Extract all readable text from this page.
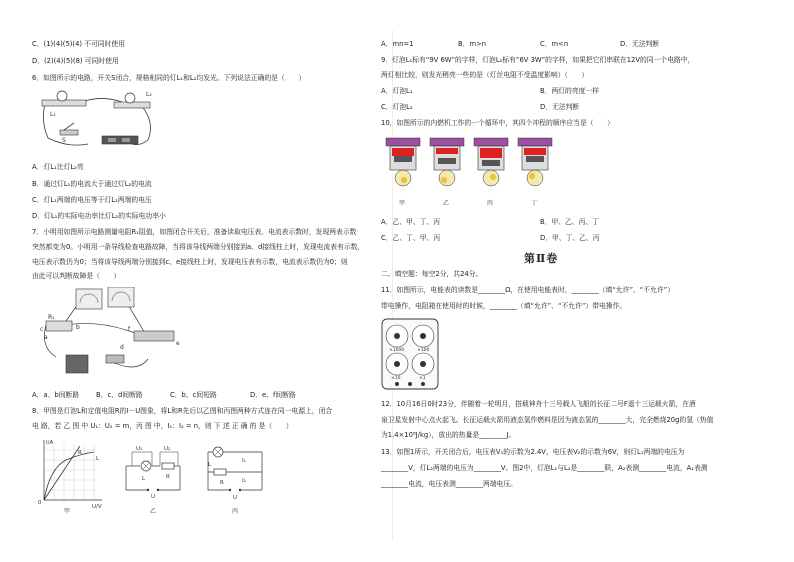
C．(1)(4)(5)(4) 不可同时使用
D．(2)(4)(5)(8) 可同时使用
6．如图所示的电路，开关S闭合，规格相同的灯L₁和L₂均发光。下列说法正确的是（　　）
L₁
L₂
S
A．灯L₁比灯L₂亮
B．通过灯L₁的电流大于通过灯L₂的电流
C．灯L₁两端的电压等于灯L₂两端的电压
D．灯L₁的实际电功率比灯L₂的实际电功率小
7．小明用如图所示电路测量电阻R₁阻值，如图闭合开关后，准备读取电压表、电流表示数时，发现两表示数
突然都变为0。小明用一条导线检查电路故障，当将该导线两端分别接到a、d接线柱上时，发现电流表有示数，
电压表示数仍为0；当将该导线两端分别接到c、e接线柱上时，发现电压表有示数，电流表示数仍为0；则
由此可以判断故障是（　　）
R₁
a
b
c
d
e
f
A．a、b间断路 B．c、d间断路	C．b、c间短路	D．e、f间断路
8．甲图是灯泡L和定值电阻R的I－U图象，将L和R先后以乙图和丙图两种方式连在同一电源上，闭合
电 路，若 乙 图 中 U₁：U₂ = m，丙 图 中，I₁：I₂ = n，则 下 述 正 确 的 是（　　）
I/A
R
L
0
U/V
甲
U₁	U₂
L	R
U
乙
I₁
I₂
L
R
U
丙
A．mn=1	B．m>n	C．m<n	D．无法判断
9．灯泡L₁标有“9V 6W”的字样，灯泡L₂标有“6V 3W”的字样，如果把它们串联在12V的同一个电路中，
两灯相比较，则发光稍亮一些的是（灯丝电阻不受温度影响）（　　）
A．灯泡L₁	B．两灯的亮度一样
C．灯泡L₂	D．无法判断
10．如图所示的内燃机工作的一个循环中，其四个冲程的顺序应当是（　　）
甲	乙	丙	丁
A．乙、甲、丁、丙	B．甲、乙、丙、丁
C．乙、丁、甲、丙	D．甲、丁、乙、丙
第Ⅱ卷
二、填空题：每空2分，共24分。
11．如图所示，电能表的读数是________Ω，在使用电能表时，________（填“允许”、“不允许”）
带电操作，电阻箱在使用时的时候，________（填“允许”、“不允许”）带电操作。
×1000	×100
×10	×1
12．10月16日0时23分，伴随着一轮明月，搭载神舟十三号载人飞船的长征二号F遥十三运载火箭，在酒
泉卫星发射中心点火起飞。长征运载火箭用液态氢作燃料是因为液态氢的________大，完全燃烧20g的氢（热值
为1.4×10⁸J/kg），放出的热量是________J。
13．如图1所示，开关闭合后，电压表V₁的示数为2.4V，电压表V₂的示数为6V，则灯L₁两端的电压为
________V，灯L₂两端的电压为________V。图2中，灯泡L₁与L₂是________联，A₂表测________电流，A₁表测
________电流，电压表测________两端电压。
